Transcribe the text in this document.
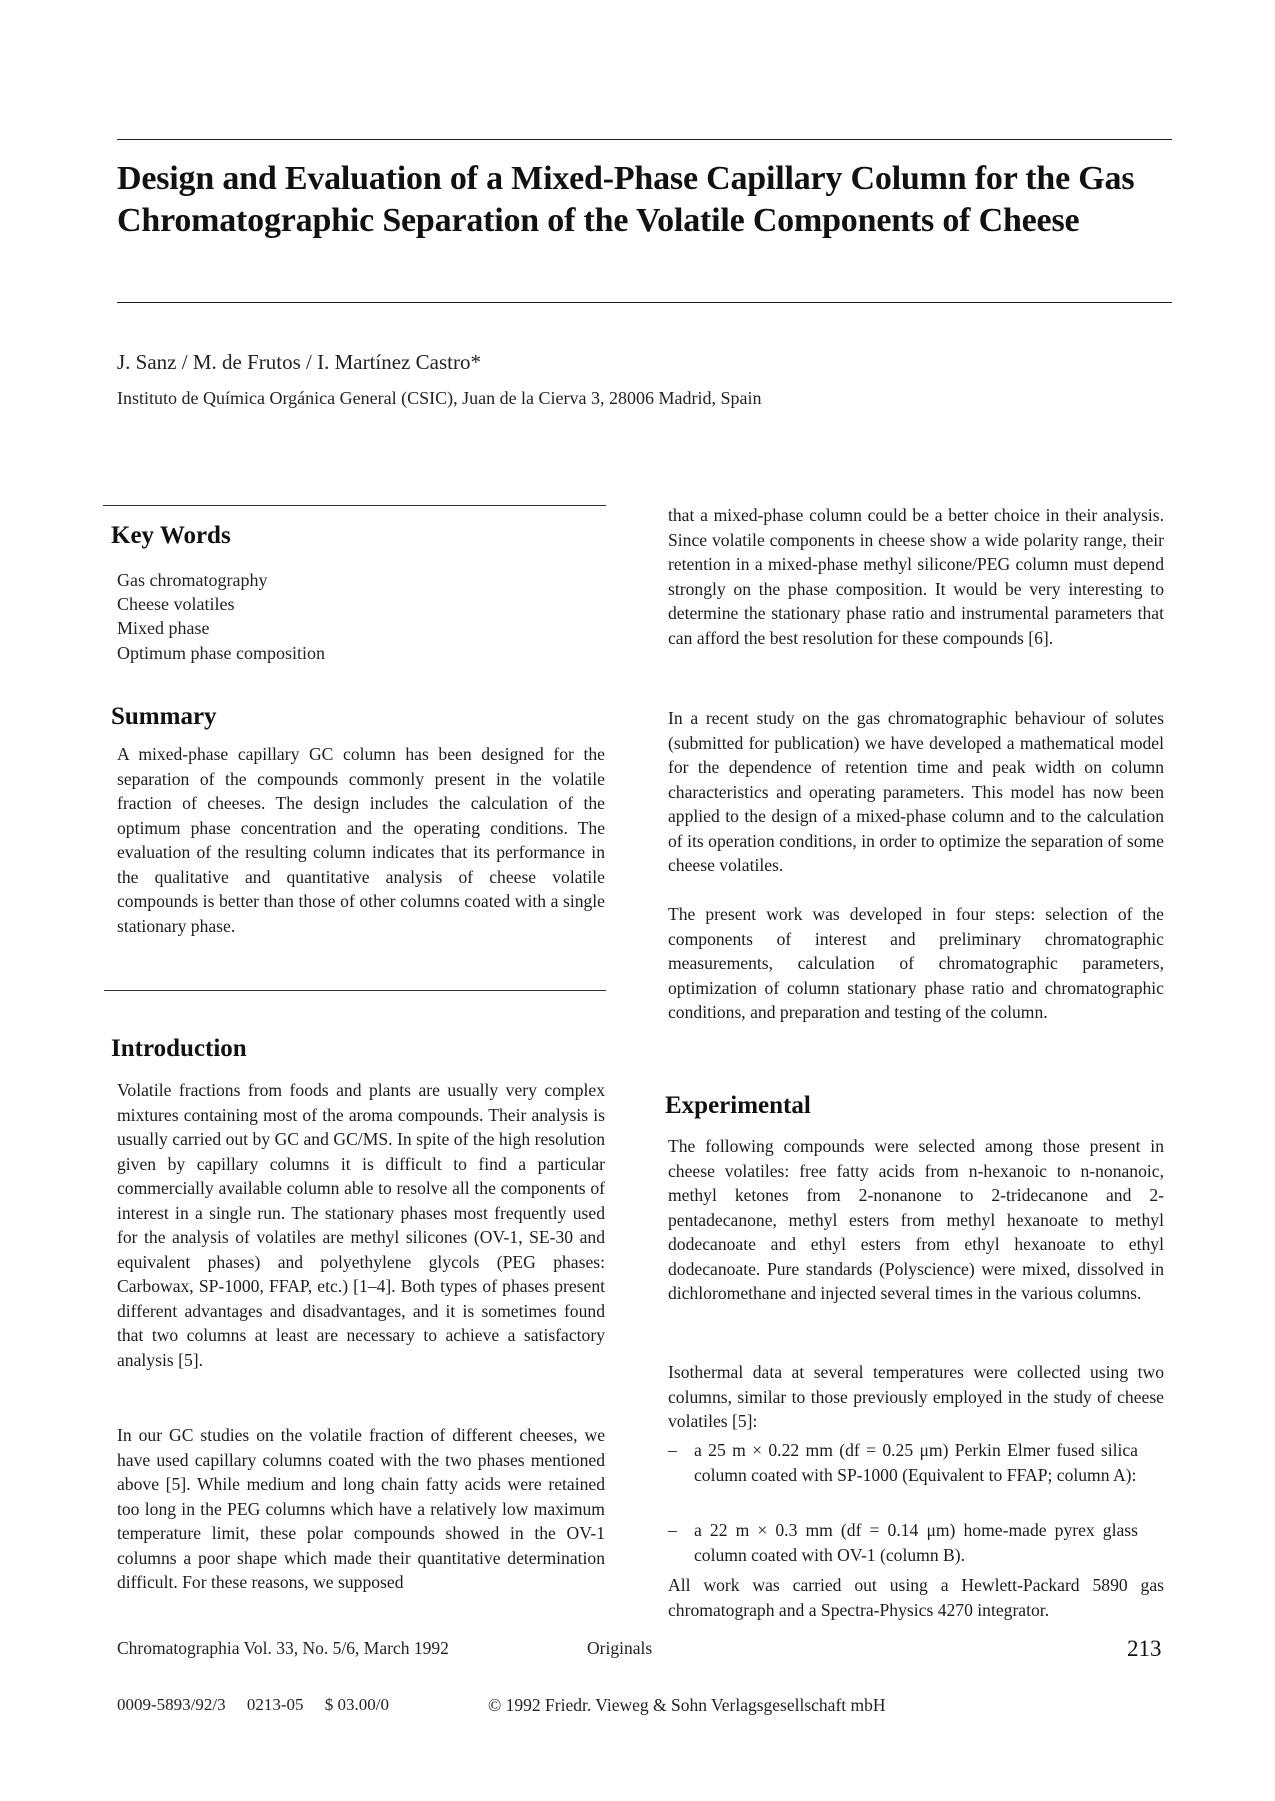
Design and Evaluation of a Mixed-Phase Capillary Column for the Gas Chromatographic Separation of the Volatile Components of Cheese
J. Sanz / M. de Frutos / I. Martínez Castro*
Instituto de Química Orgánica General (CSIC), Juan de la Cierva 3, 28006 Madrid, Spain
Key Words
Gas chromatography
Cheese volatiles
Mixed phase
Optimum phase composition
Summary

A mixed-phase capillary GC column has been designed for the separation of the compounds commonly present in the volatile fraction of cheeses. The design includes the calculation of the optimum phase concentration and the operating conditions. The evaluation of the resulting column indicates that its performance in the qualitative and quantitative analysis of cheese volatile compounds is better than those of other columns coated with a single stationary phase.

Introduction

Volatile fractions from foods and plants are usually very complex mixtures containing most of the aroma compounds. Their analysis is usually carried out by GC and GC/MS. In spite of the high resolution given by capillary columns it is difficult to find a particular commercially available column able to resolve all the components of interest in a single run. The stationary phases most frequently used for the analysis of volatiles are methyl silicones (OV-1, SE-30 and equivalent phases) and polyethylene glycols (PEG phases: Carbowax, SP-1000, FFAP, etc.) [1–4]. Both types of phases present different advantages and disadvantages, and it is sometimes found that two columns at least are necessary to achieve a satisfactory analysis [5].

In our GC studies on the volatile fraction of different cheeses, we have used capillary columns coated with the two phases mentioned above [5]. While medium and long chain fatty acids were retained too long in the PEG columns which have a relatively low maximum temperature limit, these polar compounds showed in the OV-1 columns a poor shape which made their quantitative determination difficult. For these reasons, we supposed

that a mixed-phase column could be a better choice in their analysis. Since volatile components in cheese show a wide polarity range, their retention in a mixed-phase methyl silicone/PEG column must depend strongly on the phase composition. It would be very interesting to determine the stationary phase ratio and instrumental parameters that can afford the best resolution for these compounds [6].

In a recent study on the gas chromatographic behaviour of solutes (submitted for publication) we have developed a mathematical model for the dependence of retention time and peak width on column characteristics and operating parameters. This model has now been applied to the design of a mixed-phase column and to the calculation of its operation conditions, in order to optimize the separation of some cheese volatiles.

The present work was developed in four steps: selection of the components of interest and preliminary chromatographic measurements, calculation of chromatographic parameters, optimization of column stationary phase ratio and chromatographic conditions, and preparation and testing of the column.

Experimental

The following compounds were selected among those present in cheese volatiles: free fatty acids from n-hexanoic to n-nonanoic, methyl ketones from 2-nonanone to 2-tridecanone and 2-pentadecanone, methyl esters from methyl hexanoate to methyl dodecanoate and ethyl esters from ethyl hexanoate to ethyl dodecanoate. Pure standards (Polyscience) were mixed, dissolved in dichloromethane and injected several times in the various columns.

Isothermal data at several temperatures were collected using two columns, similar to those previously employed in the study of cheese volatiles [5]:

– a 25 m × 0.22 mm (df = 0.25 μm) Perkin Elmer fused silica column coated with SP-1000 (Equivalent to FFAP; column A):
– a 22 m × 0.3 mm (df = 0.14 μm) home-made pyrex glass column coated with OV-1 (column B).

All work was carried out using a Hewlett-Packard 5890 gas chromatograph and a Spectra-Physics 4270 integrator.

Chromatographia Vol. 33, No. 5/6, March 1992	Originals	213
0009-5893/92/3     0213-05     $ 03.00/0	© 1992 Friedr. Vieweg & Sohn Verlagsgesellschaft mbH
